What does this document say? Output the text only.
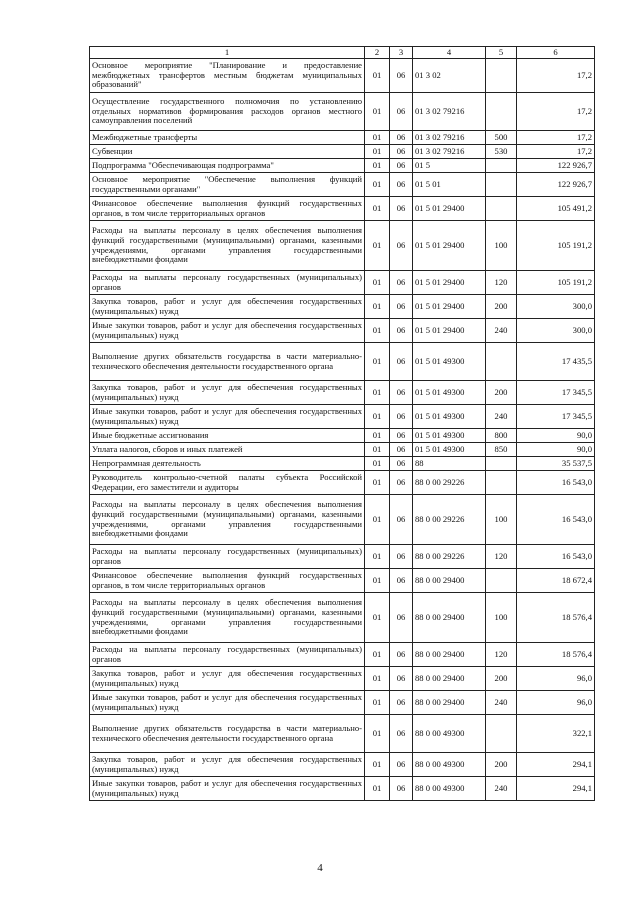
1	2	3	4	5	6
Основное мероприятие "Планирование и предоставление межбюджетных трансфертов местным бюджетам муниципальных образований"	01	06	01 3 02		17,2
Осуществление государственного полномочия по установлению отдельных нормативов формирования расходов органов местного самоуправления поселений	01	06	01 3 02 79216		17,2
Межбюджетные трансферты	01	06	01 3 02 79216	500	17,2
Субвенции	01	06	01 3 02 79216	530	17,2
Подпрограмма "Обеспечивающая подпрограмма"	01	06	01 5		122 926,7
Основное мероприятие "Обеспечение выполнения функций государственными органами"	01	06	01 5 01		122 926,7
Финансовое обеспечение выполнения функций государственных органов, в том числе территориальных органов	01	06	01 5 01 29400		105 491,2
Расходы на выплаты персоналу в целях обеспечения выполнения функций государственными (муниципальными) органами, казенными учреждениями, органами управления государственными внебюджетными фондами	01	06	01 5 01 29400	100	105 191,2
Расходы на выплаты персоналу государственных (муниципальных) органов	01	06	01 5 01 29400	120	105 191,2
Закупка товаров, работ и услуг для обеспечения государственных (муниципальных) нужд	01	06	01 5 01 29400	200	300,0
Иные закупки товаров, работ и услуг для обеспечения государственных (муниципальных) нужд	01	06	01 5 01 29400	240	300,0
Выполнение других обязательств государства в части материально-технического обеспечения деятельности государственного органа	01	06	01 5 01 49300		17 435,5
Закупка товаров, работ и услуг для обеспечения государственных (муниципальных) нужд	01	06	01 5 01 49300	200	17 345,5
Иные закупки товаров, работ и услуг для обеспечения государственных (муниципальных) нужд	01	06	01 5 01 49300	240	17 345,5
Иные бюджетные ассигнования	01	06	01 5 01 49300	800	90,0
Уплата налогов, сборов и иных платежей	01	06	01 5 01 49300	850	90,0
Непрограммная деятельность	01	06	88		35 537,5
Руководитель контрольно-счетной палаты субъекта Российской Федерации, его заместители и аудиторы	01	06	88 0 00 29226		16 543,0
Расходы на выплаты персоналу в целях обеспечения выполнения функций государственными (муниципальными) органами, казенными учреждениями, органами управления государственными внебюджетными фондами	01	06	88 0 00 29226	100	16 543,0
Расходы на выплаты персоналу государственных (муниципальных) органов	01	06	88 0 00 29226	120	16 543,0
Финансовое обеспечение выполнения функций государственных органов, в том числе территориальных органов	01	06	88 0 00 29400		18 672,4
Расходы на выплаты персоналу в целях обеспечения выполнения функций государственными (муниципальными) органами, казенными учреждениями, органами управления государственными внебюджетными фондами	01	06	88 0 00 29400	100	18 576,4
Расходы на выплаты персоналу государственных (муниципальных) органов	01	06	88 0 00 29400	120	18 576,4
Закупка товаров, работ и услуг для обеспечения государственных (муниципальных) нужд	01	06	88 0 00 29400	200	96,0
Иные закупки товаров, работ и услуг для обеспечения государственных (муниципальных) нужд	01	06	88 0 00 29400	240	96,0
Выполнение других обязательств государства в части материально-технического обеспечения деятельности государственного органа	01	06	88 0 00 49300		322,1
Закупка товаров, работ и услуг для обеспечения государственных (муниципальных) нужд	01	06	88 0 00 49300	200	294,1
Иные закупки товаров, работ и услуг для обеспечения государственных (муниципальных) нужд	01	06	88 0 00 49300	240	294,1
4
